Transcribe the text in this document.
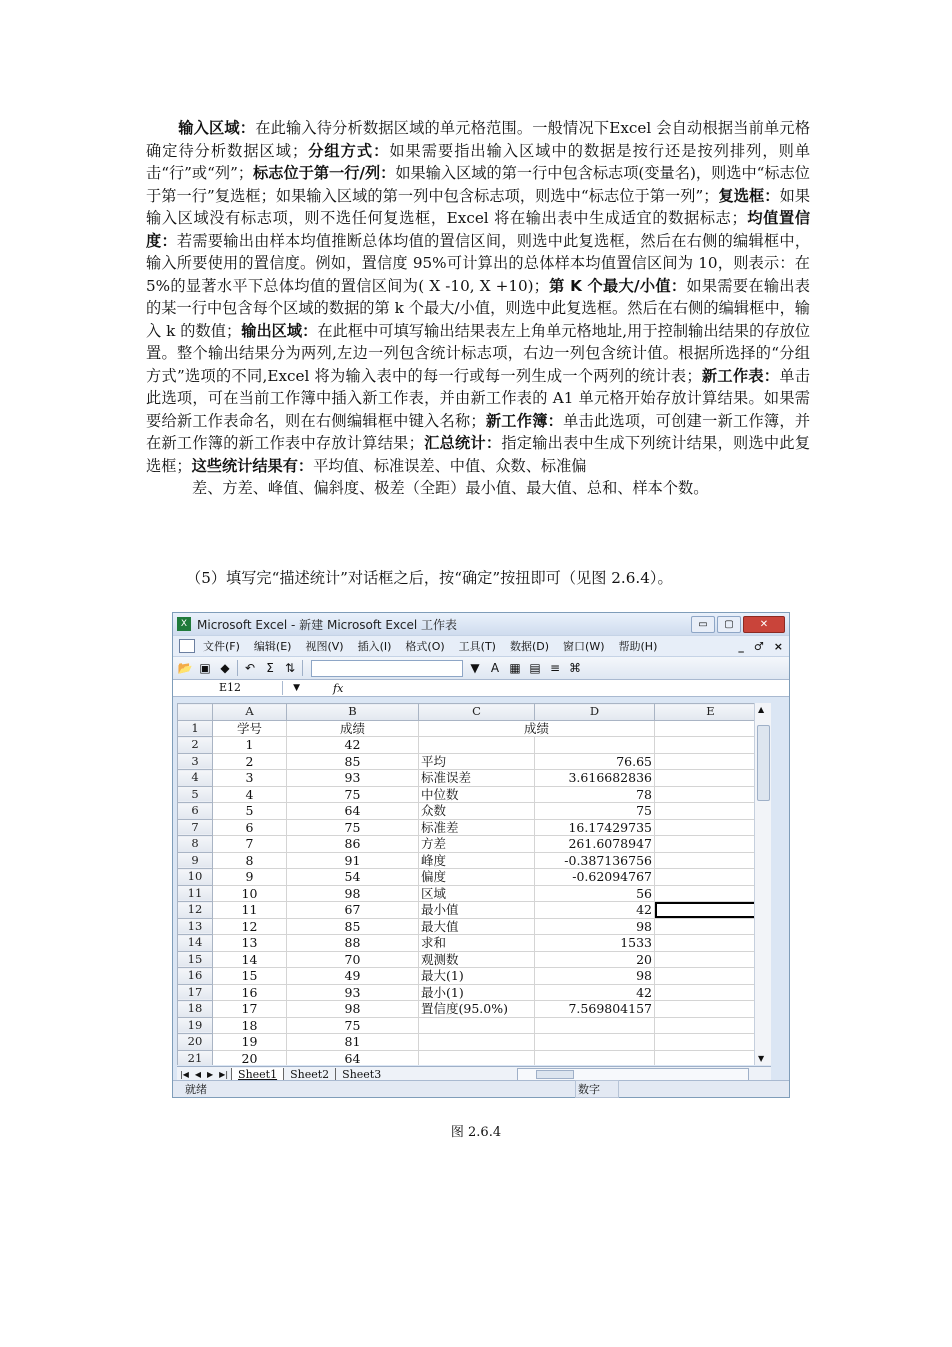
输入区域：在此输入待分析数据区域的单元格范围。一般情况下Excel 会自动根据当前单元格确定待分析数据区域；分组方式：如果需要指出输入区域中的数据是按行还是按列排列，则单击“行”或“列”；标志位于第一行/列：如果输入区域的第一行中包含标志项(变量名)，则选中“标志位于第一行”复选框；如果输入区域的第一列中包含标志项，则选中“标志位于第一列”；复选框：如果输入区域没有标志项，则不选任何复选框，Excel 将在输出表中生成适宜的数据标志；均值置信度：若需要输出由样本均值推断总体均值的置信区间，则选中此复选框，然后在右侧的编辑框中，输入所要使用的置信度。例如，置信度 95%可计算出的总体样本均值置信区间为 10，则表示：在 5%的显著水平下总体均值的置信区间为( X -10, X +10)；第 K 个最大/小值：如果需要在输出表的某一行中包含每个区域的数据的第 k 个最大/小值，则选中此复选框。然后在右侧的编辑框中，输入 k 的数值；输出区域：在此框中可填写输出结果表左上角单元格地址,用于控制输出结果的存放位置。整个输出结果分为两列,左边一列包含统计标志项，右边一列包含统计值。根据所选择的“分组方式”选项的不同,Excel 将为输入表中的每一行或每一列生成一个两列的统计表；新工作表：单击此选项，可在当前工作簿中插入新工作表，并由新工作表的 A1 单元格开始存放计算结果。如果需要给新工作表命名，则在右侧编辑框中键入名称；新工作簿：单击此选项，可创建一新工作簿，并在新工作簿的新工作表中存放计算结果；汇总统计：指定输出表中生成下列统计结果，则选中此复选框；这些统计结果有：平均值、标准误差、中值、众数、标准偏
差、方差、峰值、偏斜度、极差（全距）最小值、最大值、总和、样本个数。

（5）填写完“描述统计”对话框之后，按“确定”按扭即可（见图 2.6.4）。

X Microsoft Excel - 新建 Microsoft Excel 工作表	▭	▢	✕
文件(F) 编辑(E) 视图(V) 插入(I) 格式(O) 工具(T) 数据(D) 窗口(W) 帮助(H)	_ ♂ ×
📂 ▣ ◆ ↶ Σ ⇅	▼ A ▦ ▤ ≡ ⌘
E12	▼	fx
	A	B	C	D	E
1	学号	成绩	成绩		
2	1	42			
3	2	85	平均	76.65	
4	3	93	标准误差	3.616682836	
5	4	75	中位数	78	
6	5	64	众数	75	
7	6	75	标准差	16.17429735	
8	7	86	方差	261.6078947	
9	8	91	峰度	-0.387136756	
10	9	54	偏度	-0.62094767	
11	10	98	区域	56	
12	11	67	最小值	42	
13	12	85	最大值	98	
14	13	88	求和	1533	
15	14	70	观测数	20	
16	15	49	最大(1)	98	
17	16	93	最小(1)	42	
18	17	98	置信度(95.0%)	7.569804157	
19	18	75			
20	19	81			
21	20	64			
▲
▼
|◀ ◀ ▶ ▶| Sheet1	Sheet2	Sheet3
就绪	数字
图 2.6.4
